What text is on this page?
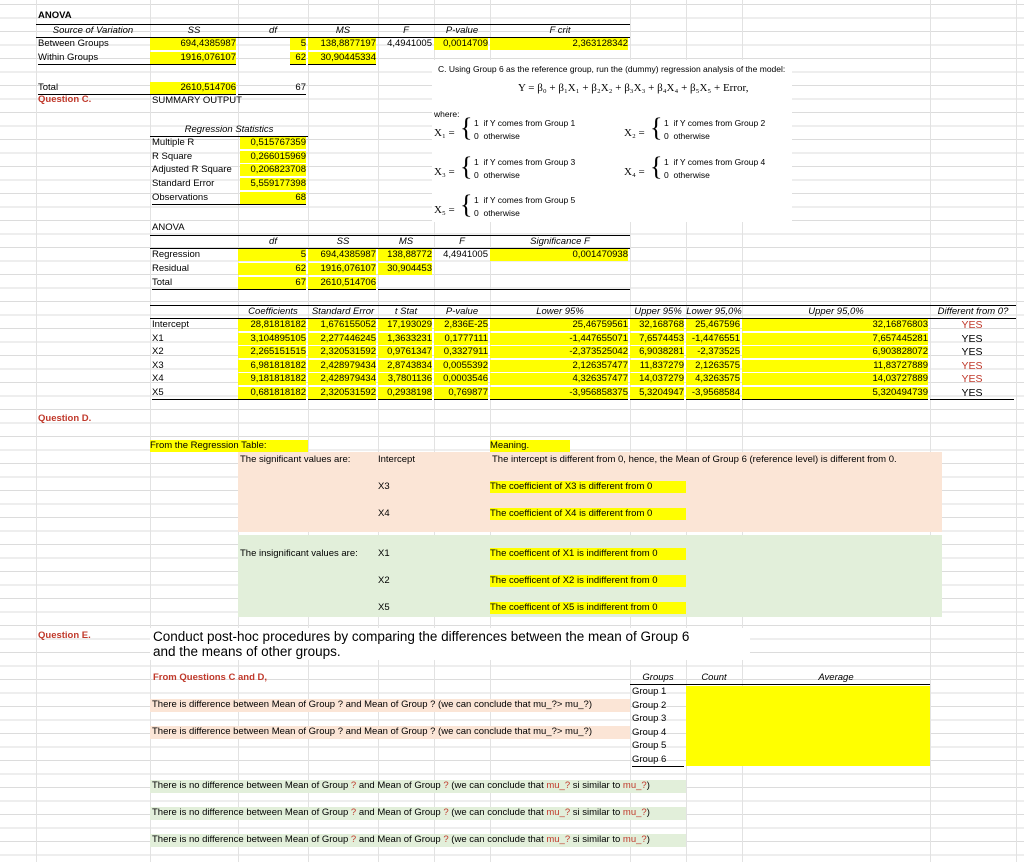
ANOVA
Source of Variation	SS	df	MS	F	P-value	F crit
Between Groups	694,4385987	5	138,8877197	4,4941005	0,0014709	2,363128342
Within Groups	1916,076107	62	30,90445334
Total	2610,514706	67
Question C.	SUMMARY OUTPUT
C. Using Group 6 as the reference group, run the (dummy) regression analysis of the model:
Y = β₀ + β₁X₁ + β₂X₂ + β₃X₃ + β₄X₄ + β₅X₅ + Error,
where:
X₁ = { 1 if Y comes from Group 1
0 otherwise	X₂ = { 1 if Y comes from Group 2
0 otherwise
X₃ = { 1 if Y comes from Group 3
0 otherwise	X₄ = { 1 if Y comes from Group 4
0 otherwise
X₅ = { 1 if Y comes from Group 5
0 otherwise
Regression Statistics
Multiple R	0,515767359
R Square	0,266015969
Adjusted R Square	0,206823708
Standard Error	5,559177398
Observations	68
ANOVA
df	SS	MS	F	Significance F
Regression	5	694,4385987	138,88772	4,4941005	0,001470938
Residual	62	1916,076107	30,904453
Total	67	2610,514706
Coefficients	Standard Error	t Stat	P-value	Lower 95%	Upper 95% Lower 95,0%	Upper 95,0%	Different from 0?
Intercept	28,81818182	1,676155052	17,193029	2,836E-25	25,46759561	32,168768	25,467596	32,16876803	YES
X1	3,104895105	2,277446245	1,3633231	0,1777111	-1,447655071	7,6574453 -1,4476551	7,657445281	YES
X2	2,265151515	2,320531592	0,9761347	0,3327911	-2,373525042	6,9038281	-2,373525	6,903828072	YES
X3	6,981818182	2,428979434	2,8743834	0,0055392	2,126357477	11,837279	2,1263575	11,83727889	YES
X4	9,181818182	2,428979434	3,7801136	0,0003546	4,326357477	14,037279	4,3263575	14,03727889	YES
X5	0,681818182	2,320531592	0,2938198	0,769877	-3,956858375	5,3204947 -3,9568584	5,320494739	YES
Question D.
From the Regression Table:	Meaning.
The significant values are:	Intercept	The intercept is different from 0, hence, the Mean of Group 6 (reference level) is different from 0.
X3	The coefficient of X3 is different from 0
X4	The coefficient of X4 is different from 0
The insignificant values are:	X1	The coefficent of X1 is indifferent from 0
X2	The coefficent of X2 is indifferent from 0
X5	The coefficent of X5 is indifferent from 0
Question E.	Conduct post-hoc procedures by comparing the differences between the mean of Group 6
and the means of other groups.
From Questions C and D,	Groups	Count	Average
Group 1
Group 2
Group 3
Group 4
Group 5
Group 6
There is difference between Mean of Group ? and Mean of Group ? (we can conclude that mu_?> mu_?)
There is difference between Mean of Group ? and Mean of Group ? (we can conclude that mu_?> mu_?)
There is no difference between Mean of Group ? and Mean of Group ? (we can conclude that mu_? si similar to mu_?)
There is no difference between Mean of Group ? and Mean of Group ? (we can conclude that mu_? si similar to mu_?)
There is no difference between Mean of Group ? and Mean of Group ? (we can conclude that mu_? si similar to mu_?)
